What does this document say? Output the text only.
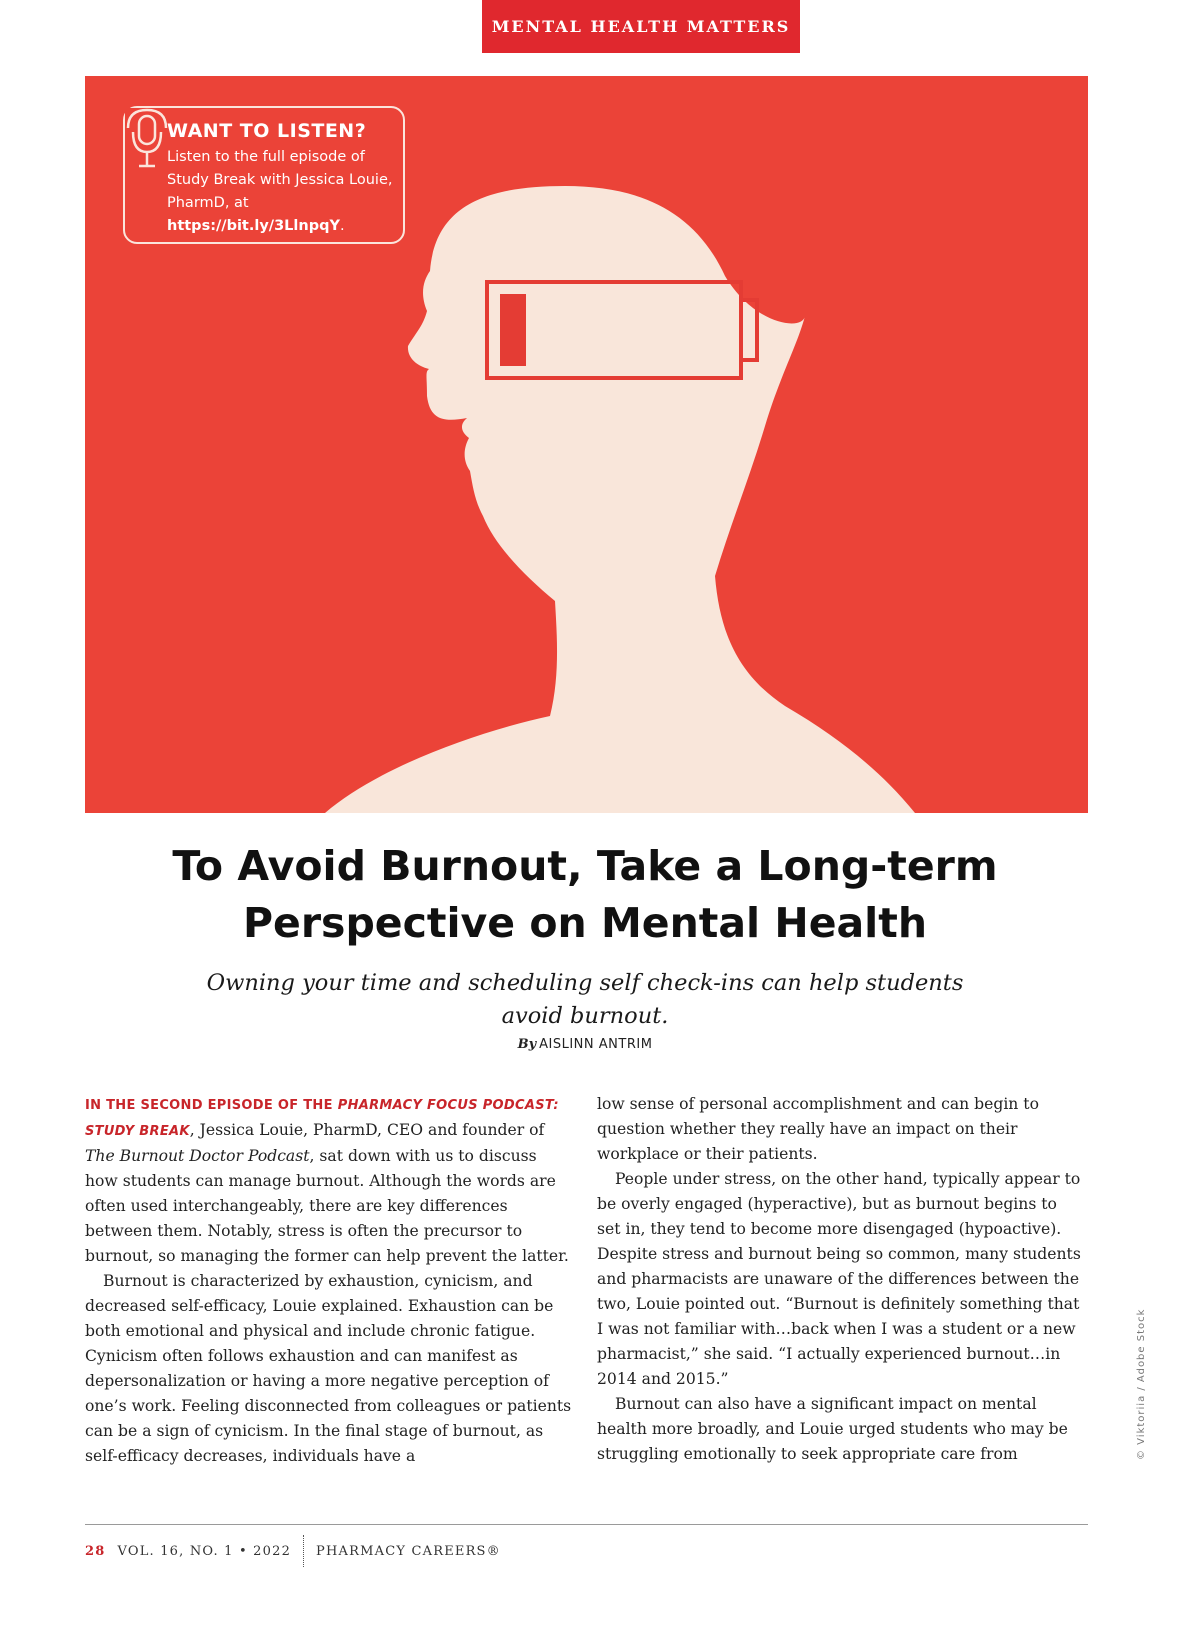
MENTAL HEALTH MATTERS
WANT TO LISTEN?
Listen to the full episode of Study Break with Jessica Louie, PharmD, at https://bit.ly/3LlnpqY.
To Avoid Burnout, Take a Long-term Perspective on Mental Health

Owning your time and scheduling self check-ins can help students avoid burnout.

By AISLINN ANTRIM

IN THE SECOND EPISODE OF THE PHARMACY FOCUS PODCAST: STUDY BREAK, Jessica Louie, PharmD, CEO and founder of The Burnout Doctor Podcast, sat down with us to discuss how students can manage burnout. Although the words are often used interchangeably, there are key differences between them. Notably, stress is often the precursor to burnout, so managing the former can help prevent the latter.

Burnout is characterized by exhaustion, cynicism, and decreased self-efficacy, Louie explained. Exhaustion can be both emotional and physical and include chronic fatigue. Cynicism often follows exhaustion and can manifest as depersonalization or having a more negative perception of one’s work. Feeling disconnected from colleagues or patients can be a sign of cynicism. In the final stage of burnout, as self-efficacy decreases, individuals have a

low sense of personal accomplishment and can begin to question whether they really have an impact on their workplace or their patients.

People under stress, on the other hand, typically appear to be overly engaged (hyperactive), but as burnout begins to set in, they tend to become more disengaged (hypoactive). Despite stress and burnout being so common, many students and pharmacists are unaware of the differences between the two, Louie pointed out. “Burnout is definitely something that I was not familiar with…back when I was a student or a new pharmacist,” she said. “I actually experienced burnout…in 2014 and 2015.”

Burnout can also have a significant impact on mental health more broadly, and Louie urged students who may be struggling emotionally to seek appropriate care from	© Viktoriia / Adobe Stock
28 VOL. 16, NO. 1 • 2022 PHARMACY CAREERS®
